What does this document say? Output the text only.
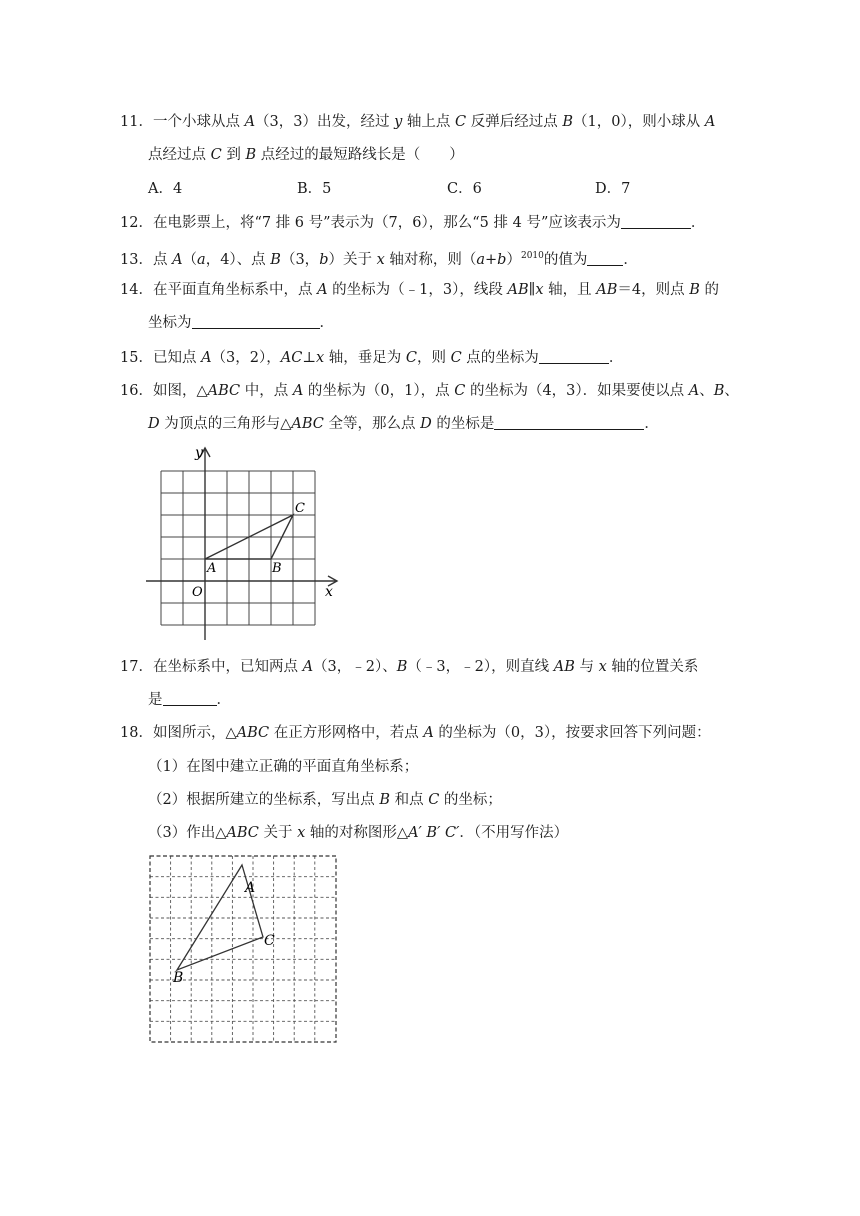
11．一个小球从点 A（3，3）出发，经过 y 轴上点 C 反弹后经过点 B（1，0），则小球从 A
点经过点 C 到 B 点经过的最短路线长是（　　）
A．4	B．5	C．6	D．7
12．在电影票上，将“7 排 6 号”表示为（7，6），那么“5 排 4 号”应该表示为	．
13．点 A（a，4）、点 B（3，b）关于 x 轴对称，则$(a+b)^{2010}$的值为 ．
14．在平面直角坐标系中，点 A 的坐标为（﹣1，3），线段 AB∥x 轴，且 AB＝4，则点 B 的
坐标为	．
15．已知点 A（3，2），AC⊥x 轴，垂足为 C，则 C 点的坐标为	．
16．如图，△ABC 中，点 A 的坐标为（0，1），点 C 的坐标为（4，3）．如果要使以点 A、B、
D 为顶点的三角形与△ABC 全等，那么点 D 的坐标是	．
y
x
O
A	B
C
17．在坐标系中，已知两点 A（3，﹣2）、B（﹣3，﹣2），则直线 AB 与 x 轴的位置关系
是	．
18．如图所示，△ABC 在正方形网格中，若点 A 的坐标为（0，3），按要求回答下列问题：
（1）在图中建立正确的平面直角坐标系；
（2）根据所建立的坐标系，写出点 B 和点 C 的坐标；
（3）作出△ABC 关于 x 轴的对称图形△A′ B′ C′．（不用写作法）
A
B
C
